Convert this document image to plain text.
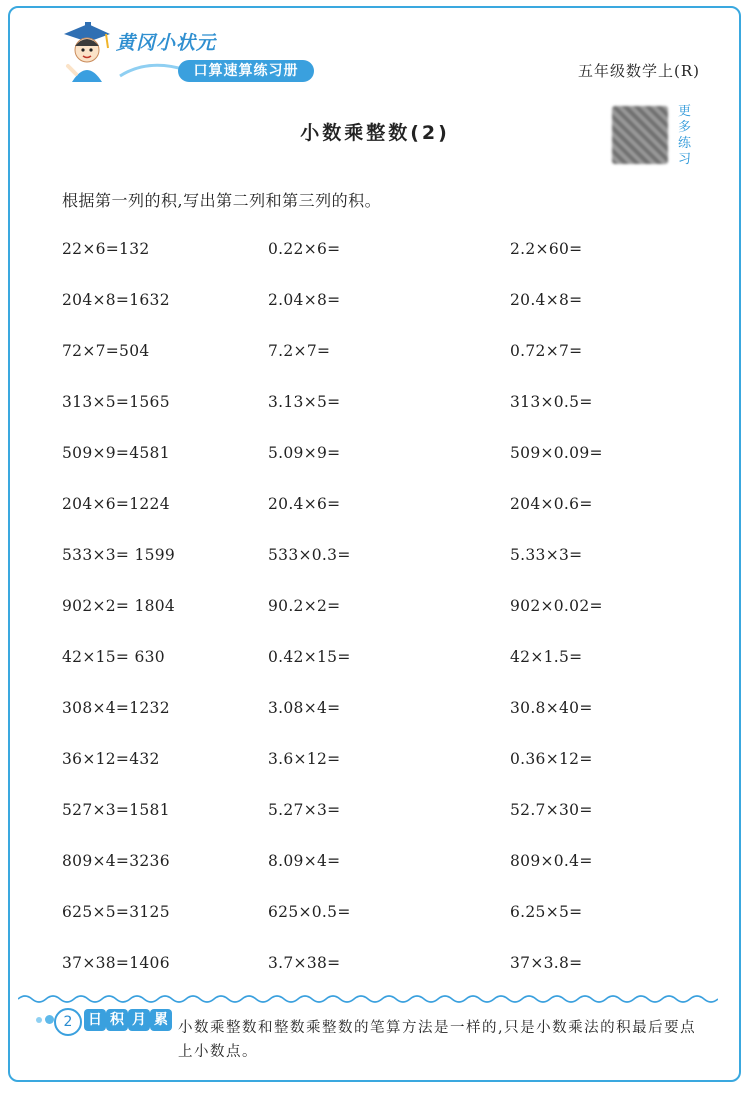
黄冈小状元
口算速算练习册	五年级数学上(R)
小数乘整数(2)
更多练习
根据第一列的积,写出第二列和第三列的积。
22×6=132	0.22×6=	2.2×60=
204×8=1632	2.04×8=	20.4×8=
72×7=504	7.2×7=	0.72×7=
313×5=1565	3.13×5=	313×0.5=
509×9=4581	5.09×9=	509×0.09=
204×6=1224	20.4×6=	204×0.6=
533×3= 1599	533×0.3=	5.33×3=
902×2= 1804	90.2×2=	902×0.02=
42×15= 630	0.42×15=	42×1.5=
308×4=1232	3.08×4=	30.8×40=
36×12=432	3.6×12=	0.36×12=
527×3=1581	5.27×3=	52.7×30=
809×4=3236	8.09×4=	809×0.4=
625×5=3125	625×0.5=	6.25×5=
37×38=1406	3.7×38=	37×3.8=
2	日 积 月 累 小数乘整数和整数乘整数的笔算方法是一样的,只是小数乘法的积最后要点上小数点。
